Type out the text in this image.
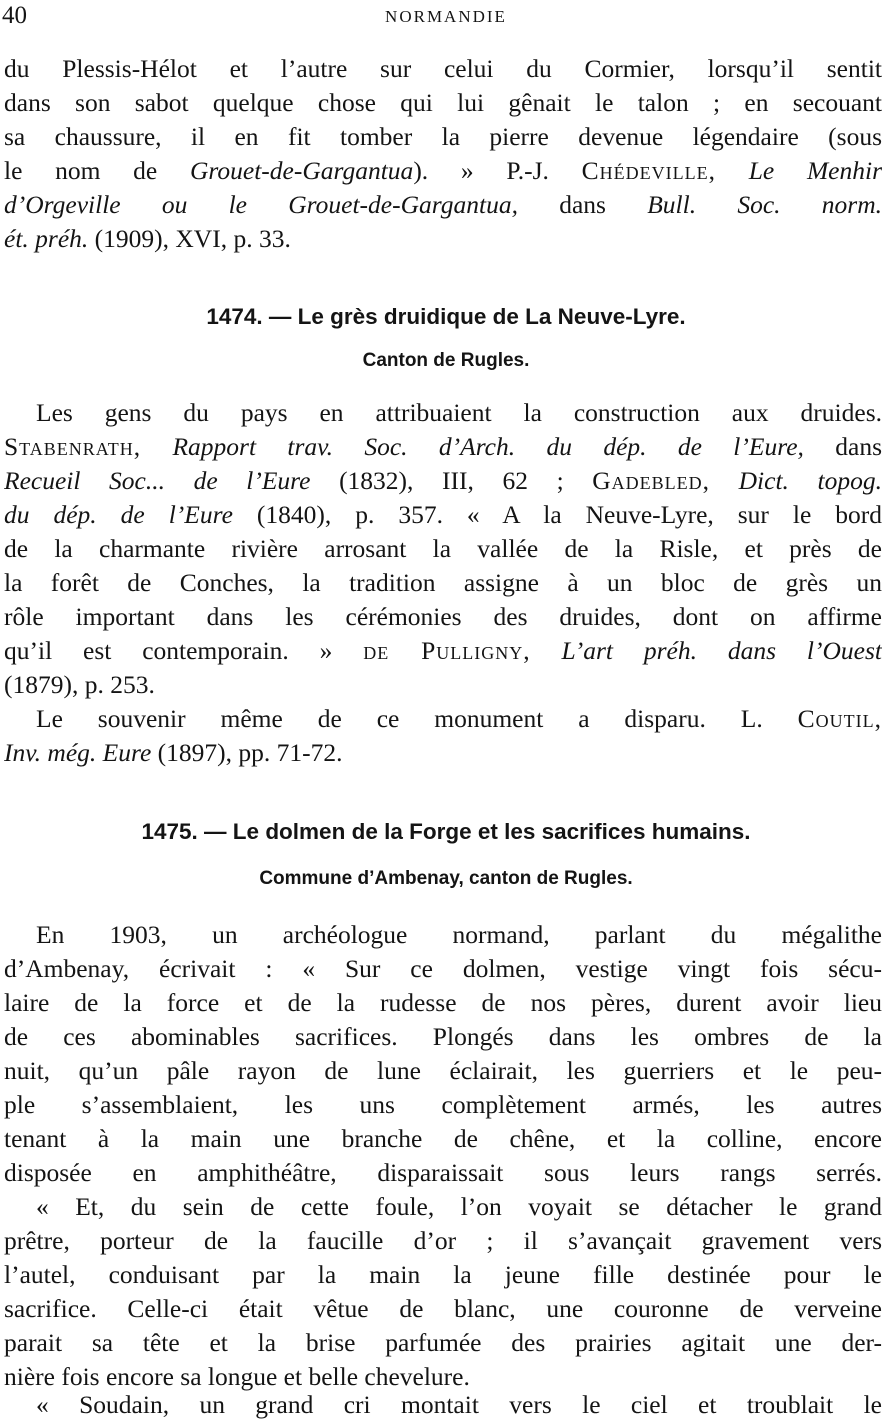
40	NORMANDIE
du Plessis-Hélot et l’autre sur celui du Cormier, lorsqu’il sentit
dans son sabot quelque chose qui lui gênait le talon ; en secouant
sa chaussure, il en fit tomber la pierre devenue légendaire (sous
le nom de Grouet-de-Gargantua). » P.-J. Chédeville, Le Menhir
d’Orgeville ou le Grouet-de-Gargantua, dans Bull. Soc. norm.
ét. préh. (1909), XVI, p. 33.
1474. — Le grès druidique de La Neuve-Lyre.
Canton de Rugles.
Les gens du pays en attribuaient la construction aux druides.
Stabenrath, Rapport trav. Soc. d’Arch. du dép. de l’Eure, dans
Recueil Soc... de l’Eure (1832), III, 62 ; Gadebled, Dict. topog.
du dép. de l’Eure (1840), p. 357. « A la Neuve-Lyre, sur le bord
de la charmante rivière arrosant la vallée de la Risle, et près de
la forêt de Conches, la tradition assigne à un bloc de grès un
rôle important dans les cérémonies des druides, dont on affirme
qu’il est contemporain. » de Pulligny, L’art préh. dans l’Ouest
(1879), p. 253.
Le souvenir même de ce monument a disparu. L. Coutil,
Inv. még. Eure (1897), pp. 71-72.
1475. — Le dolmen de la Forge et les sacrifices humains.
Commune d’Ambenay, canton de Rugles.
En 1903, un archéologue normand, parlant du mégalithe
d’Ambenay, écrivait : « Sur ce dolmen, vestige vingt fois sécu-
laire de la force et de la rudesse de nos pères, durent avoir lieu
de ces abominables sacrifices. Plongés dans les ombres de la
nuit, qu’un pâle rayon de lune éclairait, les guerriers et le peu-
ple s’assemblaient, les uns complètement armés, les autres
tenant à la main une branche de chêne, et la colline, encore
disposée en amphithéâtre, disparaissait sous leurs rangs serrés.
« Et, du sein de cette foule, l’on voyait se détacher le grand
prêtre, porteur de la faucille d’or ; il s’avançait gravement vers
l’autel, conduisant par la main la jeune fille destinée pour le
sacrifice. Celle-ci était vêtue de blanc, une couronne de verveine
parait sa tête et la brise parfumée des prairies agitait une der-
nière fois encore sa longue et belle chevelure.
« Soudain, un grand cri montait vers le ciel et troublait le
